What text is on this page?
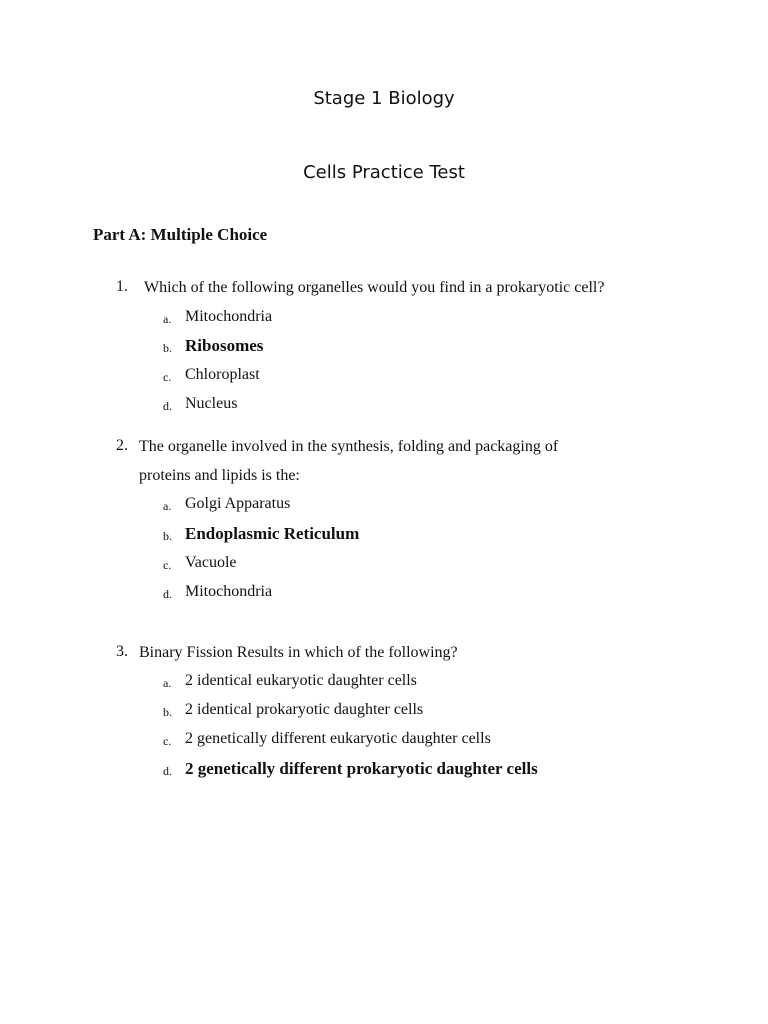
Stage 1 Biology
Cells Practice Test
Part A: Multiple Choice
1. Which of the following organelles would you find in a prokaryotic cell?
a. Mitochondria
b. Ribosomes
c. Chloroplast
d. Nucleus
2. The organelle involved in the synthesis, folding and packaging of
proteins and lipids is the:
a. Golgi Apparatus
b. Endoplasmic Reticulum
c. Vacuole
d. Mitochondria
3. Binary Fission Results in which of the following?
a. 2 identical eukaryotic daughter cells
b. 2 identical prokaryotic daughter cells
c. 2 genetically different eukaryotic daughter cells
d. 2 genetically different prokaryotic daughter cells
